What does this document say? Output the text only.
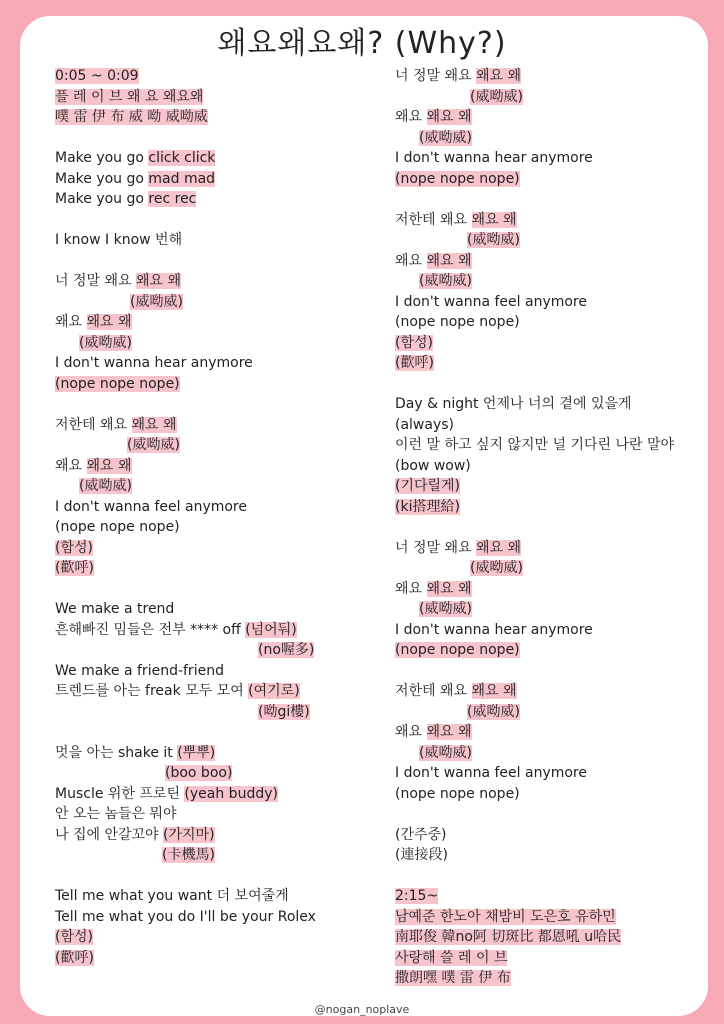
왜요왜요왜? (Why?)
0:05 ~ 0:09
플 레 이 브 왜 요 왜요왜
噗 雷 伊 布 威 呦 威呦威
Make you go click click
Make you go mad mad
Make you go rec rec
I know I know 번해
너 정말 왜요 왜요 왜
(威呦威)
왜요 왜요 왜
(威呦威)
I don't wanna hear anymore
(nope nope nope)
저한테 왜요 왜요 왜
(威呦威)
왜요 왜요 왜
(威呦威)
I don't wanna feel anymore
(nope nope nope)
(함성)
(歡呼)
We make a trend
흔해빠진 밈들은 전부 **** off (넘어둬)
(no喔多)
We make a friend-friend
트렌드를 아는 freak 모두 모여 (여기로)
(呦gi樓)
멋을 아는 shake it (뿌뿌)
(boo boo)
Muscle 위한 프로틴 (yeah buddy)
안 오는 놈들은 뭐야
나 집에 안갈꼬야 (가지마)
(卡機馬)
Tell me what you want 더 보여줄게
Tell me what you do I'll be your Rolex
(함성)
(歡呼)
너 정말 왜요 왜요 왜
(威呦威)
왜요 왜요 왜
(威呦威)
I don't wanna hear anymore
(nope nope nope)
저한테 왜요 왜요 왜
(威呦威)
왜요 왜요 왜
(威呦威)
I don't wanna feel anymore
(nope nope nope)
(함성)
(歡呼)
Day & night 언제나 너의 곁에 있을게
(always)
이런 말 하고 싶지 않지만 널 기다린 나란 말야
(bow wow)
(기다릴게)
(ki搭理給)
너 정말 왜요 왜요 왜
(威呦威)
왜요 왜요 왜
(威呦威)
I don't wanna hear anymore
(nope nope nope)
저한테 왜요 왜요 왜
(威呦威)
왜요 왜요 왜
(威呦威)
I don't wanna feel anymore
(nope nope nope)
(간주중)
(連接段)
2:15~
남예준 한노아 채밤비 도은호 유하민
南耶俊 韓no阿 切斑比 都恩吼 u哈民
사랑해 쓸 레 이 브
撒朗嘿 噗 雷 伊 布
@nogan_noplave
